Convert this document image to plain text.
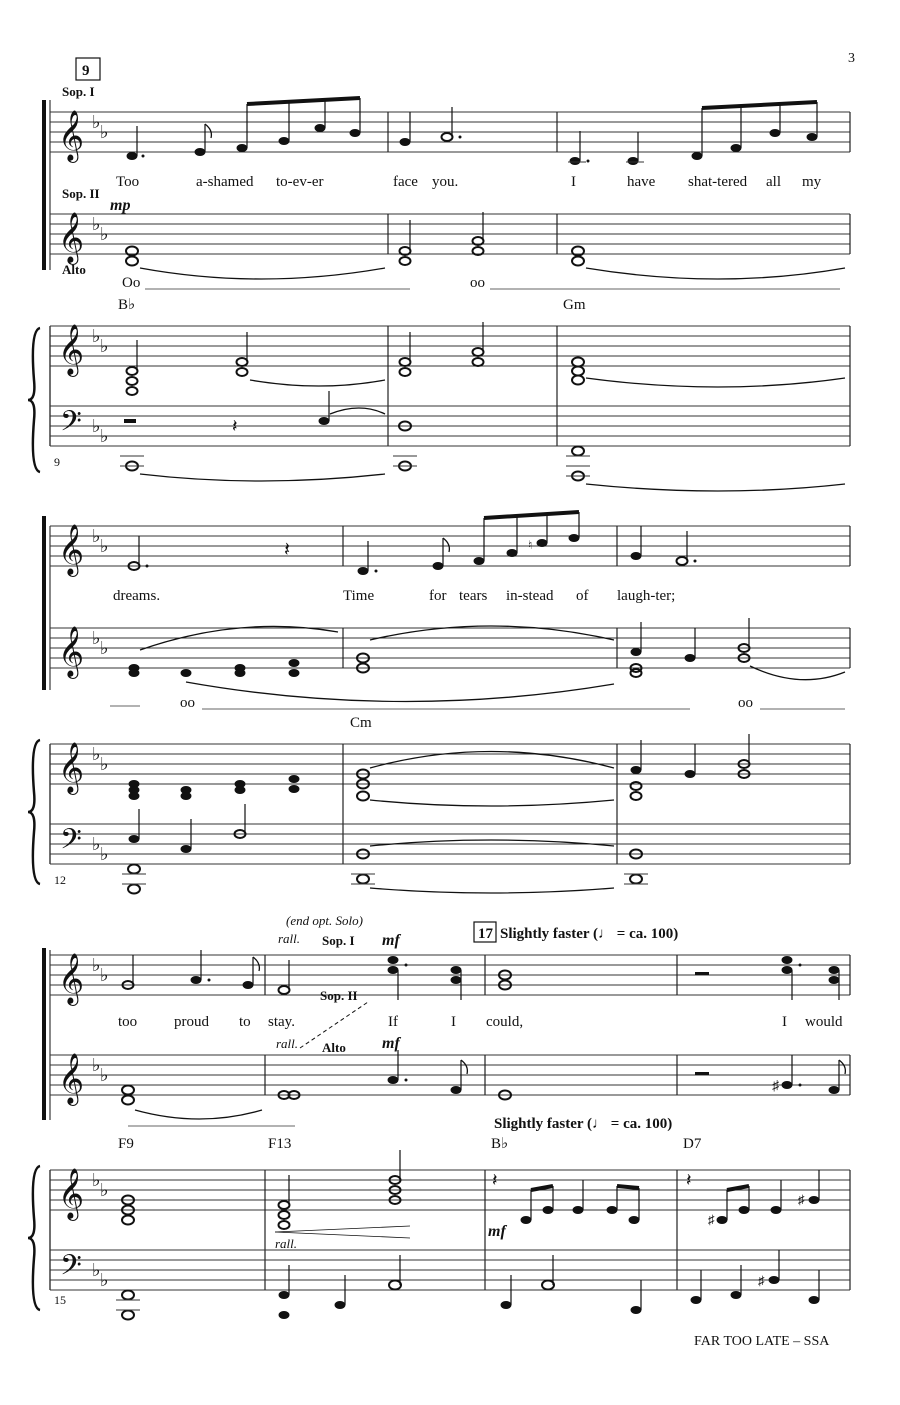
3
9
Sop. I
𝄞 ♭ ♭
Too	a-shamed to-ev-er	face you.	I	have shat-tered all my
Sop. II
mp
𝄞 ♭ ♭
Alto
Oo	oo
B♭	Gm
𝄞 ♭ ♭
𝄢 ♭ ♭	𝄽
9
𝄞 ♭ ♭	𝄽	♮
dreams.	Time	for tears in-stead of laugh-ter;
𝄞 ♭ ♭
oo	oo
Cm
𝄞 ♭ ♭
𝄢 ♭ ♭
12
(end opt. Solo)
rall. Sop. I mf	17 Slightly faster (♩ = ca. 100)
𝄞 ♭ ♭
Sop. II
too proud to stay.	If	I could,	I would
rall. Alto mf
𝄞 ♭ ♭
♯
Slightly faster (♩ = ca. 100)
F9	F13	B♭	D7
𝄞 ♭ ♭
rall.
𝄽
mf
𝄽
♯
♯
𝄢 ♭ ♭	♯
15
FAR TOO LATE – SSA
